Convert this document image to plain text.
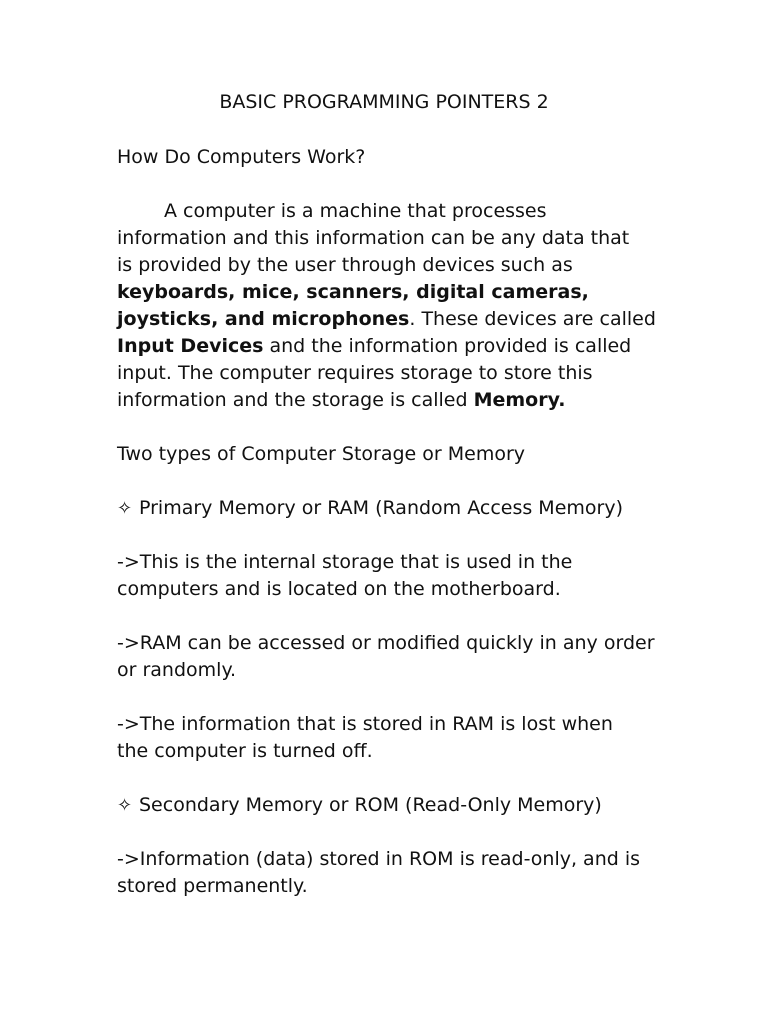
BASIC PROGRAMMING POINTERS 2
How Do Computers Work?
A computer is a machine that processes
information and this information can be any data that
is provided by the user through devices such as
keyboards, mice, scanners, digital cameras,
joysticks, and microphones. These devices are called
Input Devices and the information provided is called
input. The computer requires storage to store this
information and the storage is called Memory.
Two types of Computer Storage or Memory
✧ Primary Memory or RAM (Random Access Memory)
->This is the internal storage that is used in the
computers and is located on the motherboard.
->RAM can be accessed or modified quickly in any order
or randomly.
->The information that is stored in RAM is lost when
the computer is turned off.
✧ Secondary Memory or ROM (Read-Only Memory)
->Information (data) stored in ROM is read-only, and is
stored permanently.
